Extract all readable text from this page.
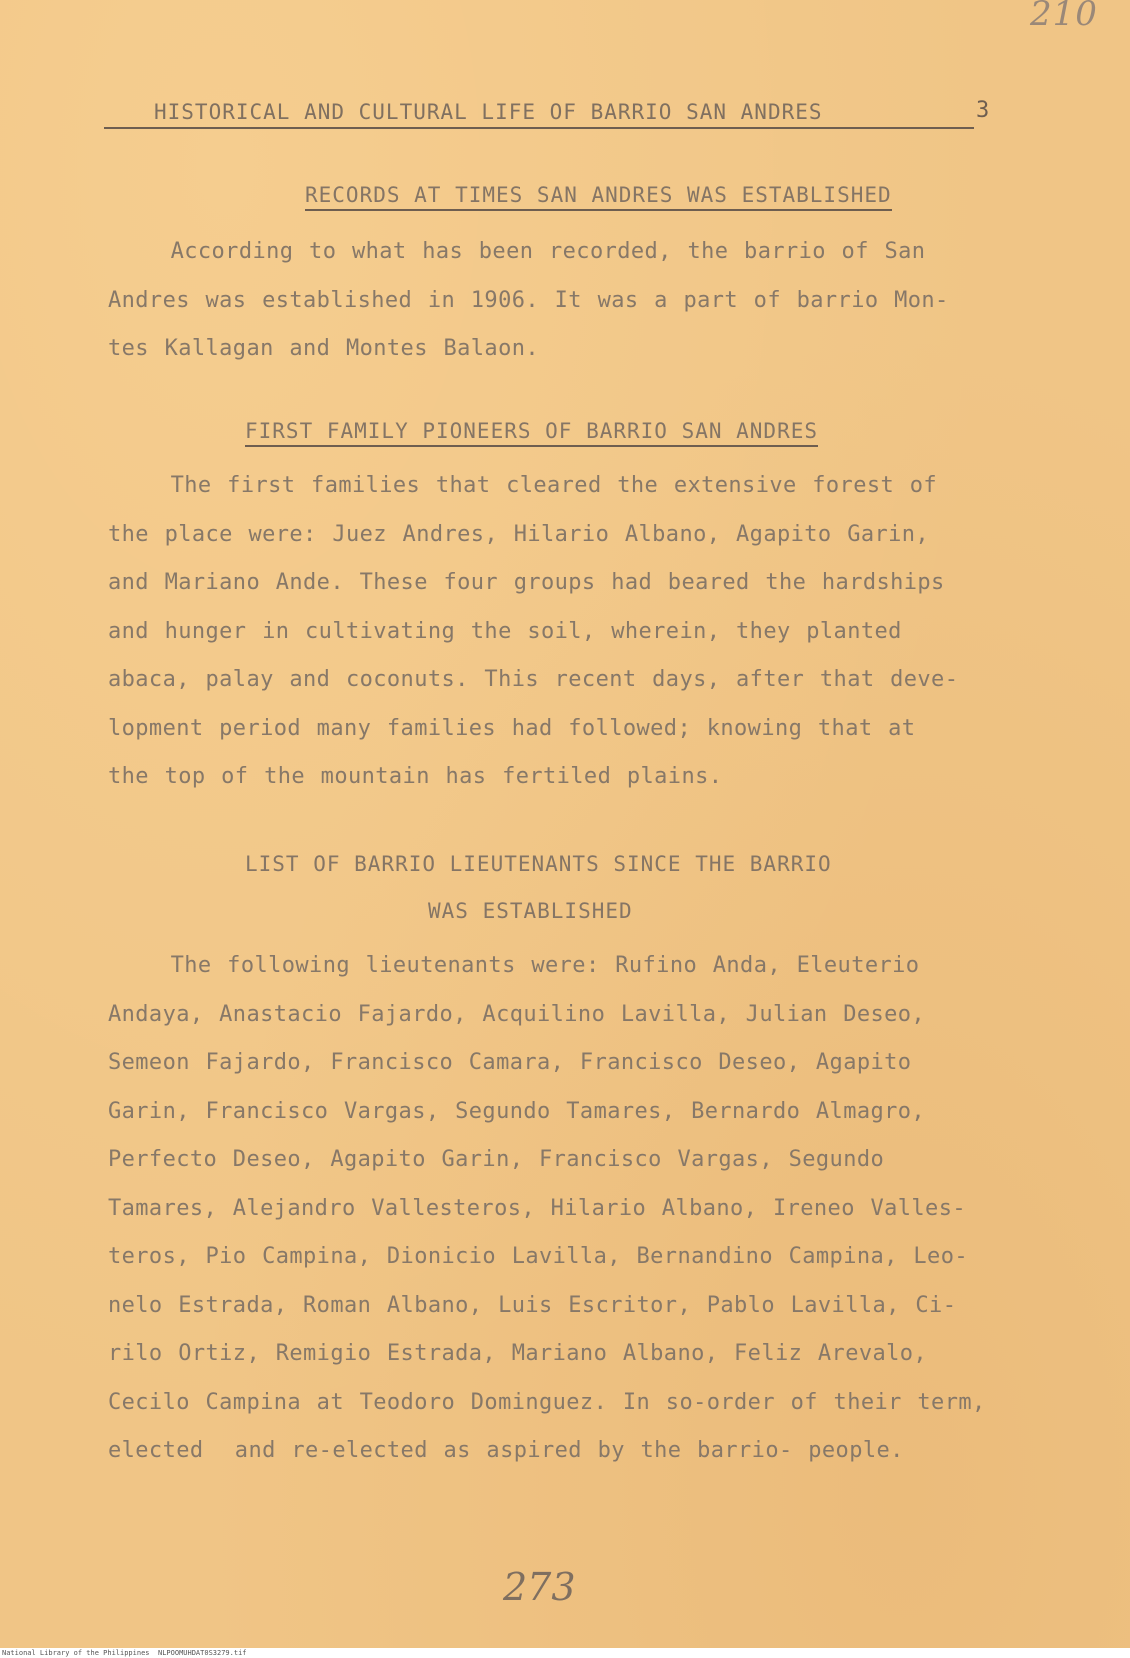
210
HISTORICAL AND CULTURAL LIFE OF BARRIO SAN ANDRES	3
RECORDS AT TIMES SAN ANDRES WAS ESTABLISHED
According to what has been recorded, the barrio of San
Andres was established in 1906. It was a part of barrio Mon-
tes Kallagan and Montes Balaon.
FIRST FAMILY PIONEERS OF BARRIO SAN ANDRES
The first families that cleared the extensive forest of
the place were: Juez Andres, Hilario Albano, Agapito Garin,
and Mariano Ande. These four groups had beared the hardships
and hunger in cultivating the soil, wherein, they planted
abaca, palay and coconuts. This recent days, after that deve-
lopment period many families had followed; knowing that at
the top of the mountain has fertiled plains.
LIST OF BARRIO LIEUTENANTS SINCE THE BARRIO
WAS ESTABLISHED
The following lieutenants were: Rufino Anda, Eleuterio
Andaya, Anastacio Fajardo, Acquilino Lavilla, Julian Deseo,
Semeon Fajardo, Francisco Camara, Francisco Deseo, Agapito
Garin, Francisco Vargas, Segundo Tamares, Bernardo Almagro,
Perfecto Deseo, Agapito Garin, Francisco Vargas, Segundo
Tamares, Alejandro Vallesteros, Hilario Albano, Ireneo Valles-
teros, Pio Campina, Dionicio Lavilla, Bernandino Campina, Leo-
nelo Estrada, Roman Albano, Luis Escritor, Pablo Lavilla, Ci-
rilo Ortiz, Remigio Estrada, Mariano Albano, Feliz Arevalo,
Cecilo Campina at Teodoro Dominguez. In so-order of their term,
elected  and re-elected as aspired by the barrio- people.
273
National Library of the Philippines NLPOOMUHDAT0S3279.tif
